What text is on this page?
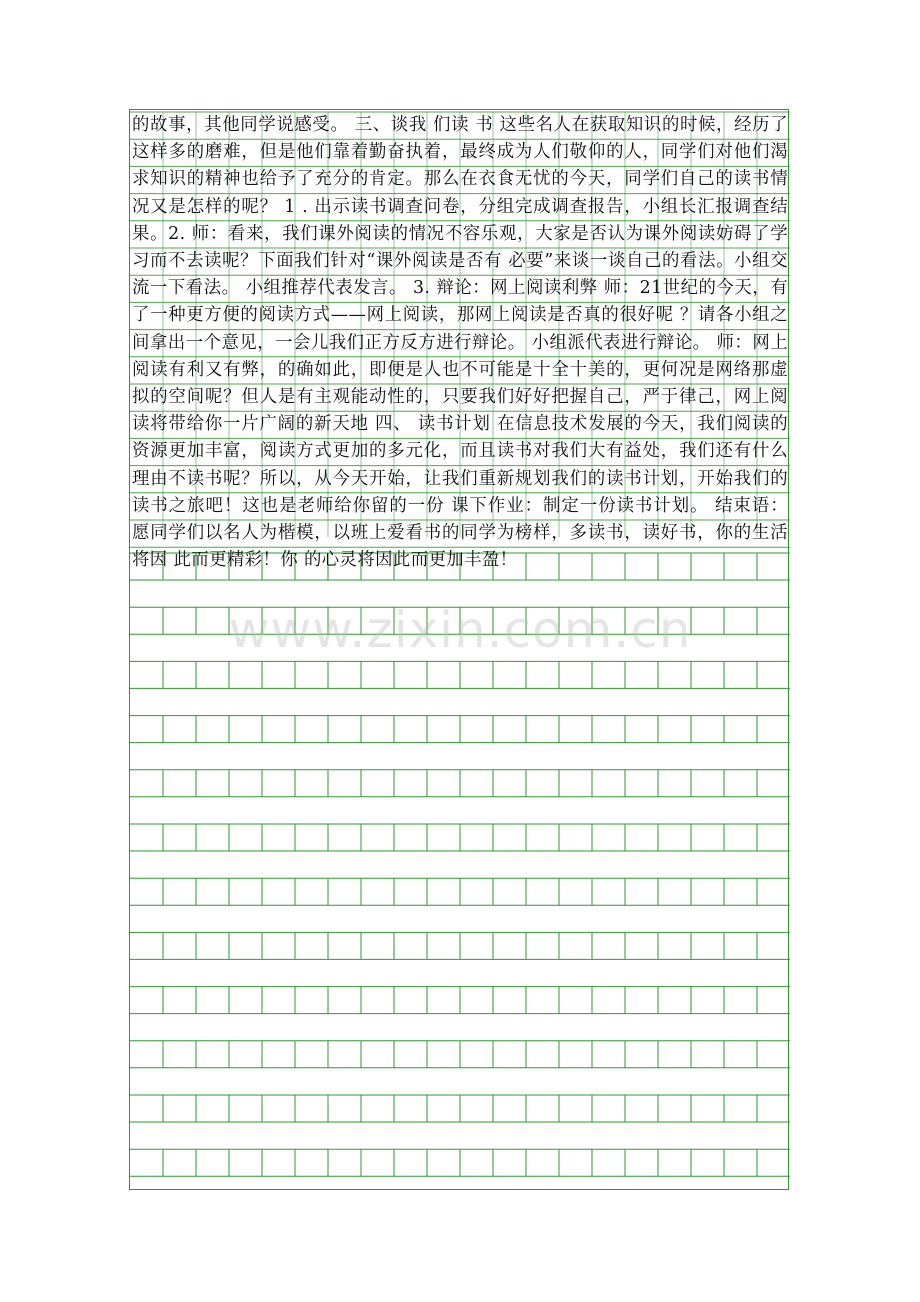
的故事，其他同学说感受。 三、谈我 们读 书 这些名人在获取知识的时候，经历了这样多的磨难，但是他们靠着勤奋执着，最终成为人们敬仰的人，同学们对他们渴求知识的精神也给予了充分的肯定。那么在衣食无忧的今天，同学们自己的读书情况又是怎样的呢？ 1 . 出示读书调查问卷，分组完成调查报告，小组长汇报调查结果。2. 师：看来，我们课外阅读的情况不容乐观，大家是否认为课外阅读妨碍了学习而不去读呢？下面我们针对“课外阅读是否有 必要”来谈一谈自己的看法。小组交流一下看法。 小组推荐代表发言。 3. 辩论：网上阅读利弊 师：21世纪的今天，有了一种更方便的阅读方式——网上阅读，那网上阅读是否真的很好呢 ？请各小组之间拿出一个意见，一会儿我们正方反方进行辩论。 小组派代表进行辩论。 师：网上阅读有利又有弊，的确如此，即便是人也不可能是十全十美的，更何况是网络那虚拟的空间呢？但人是有主观能动性的，只要我们好好把握自己，严于律己，网上阅读将带给你一片广阔的新天地 四、 读书计划 在信息技术发展的今天，我们阅读的资源更加丰富，阅读方式更加的多元化，而且读书对我们大有益处，我们还有什么理由不读书呢？所以，从今天开始，让我们重新规划我们的读书计划，开始我们的读书之旅吧！这也是老师给你留的一份 课下作业：制定一份读书计划。 结束语： 愿同学们以名人为楷模，以班上爱看书的同学为榜样，多读书，读好书，你的生活将因 此而更精彩！你 的心灵将因此而更加丰盈！

www.zixin.com.cn
